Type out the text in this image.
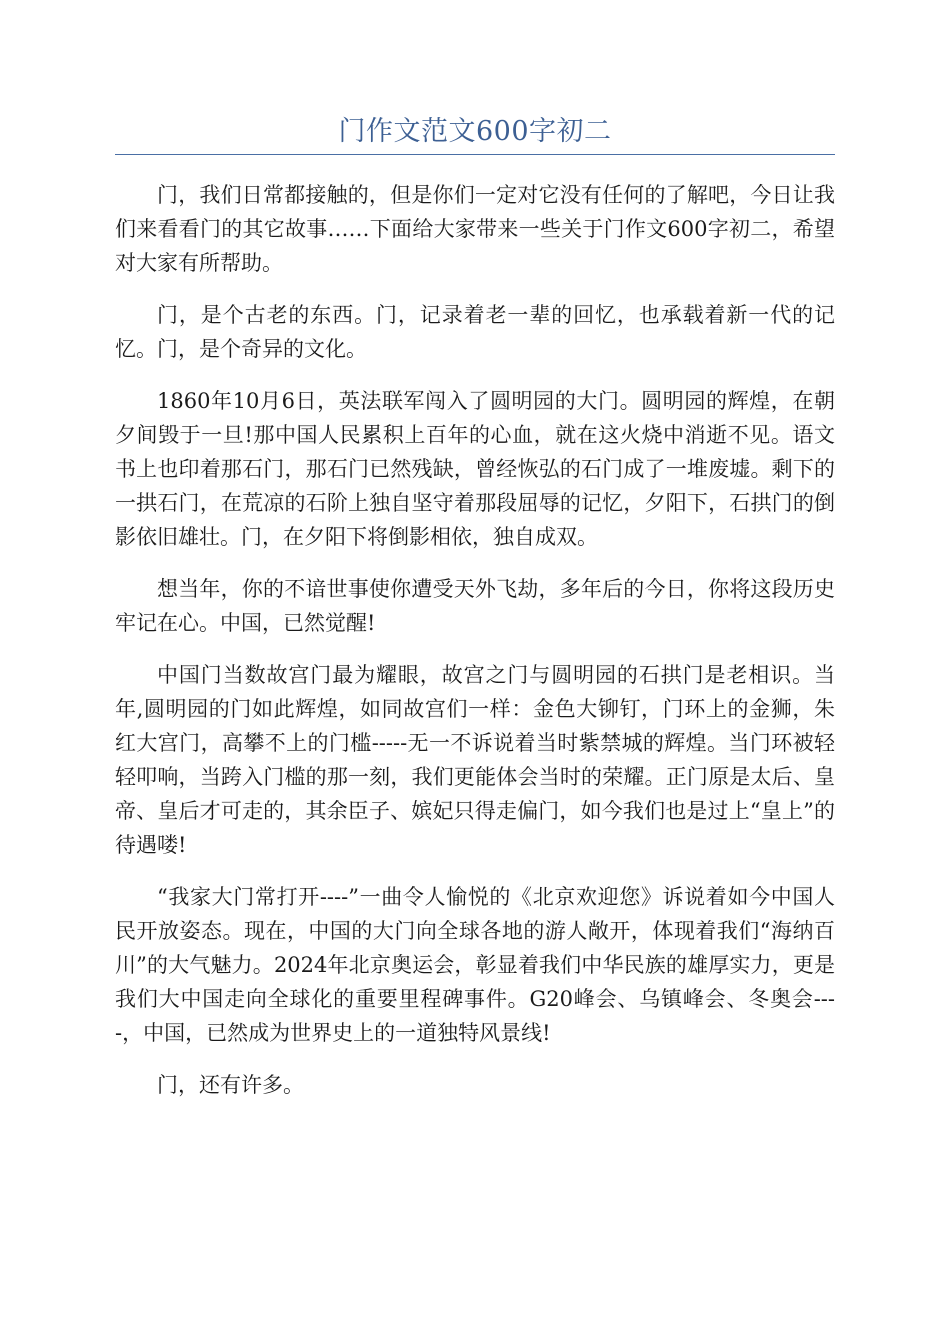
门作文范文600字初二

门，我们日常都接触的，但是你们一定对它没有任何的了解吧，今日让我们来看看门的其它故事……下面给大家带来一些关于门作文600字初二，希望对大家有所帮助。

门，是个古老的东西。门，记录着老一辈的回忆，也承载着新一代的记忆。门，是个奇异的文化。

1860年10月6日，英法联军闯入了圆明园的大门。圆明园的辉煌，在朝夕间毁于一旦!那中国人民累积上百年的心血，就在这火烧中消逝不见。语文书上也印着那石门，那石门已然残缺，曾经恢弘的石门成了一堆废墟。剩下的一拱石门，在荒凉的石阶上独自坚守着那段屈辱的记忆，夕阳下，石拱门的倒影依旧雄壮。门，在夕阳下将倒影相依，独自成双。

想当年，你的不谙世事使你遭受天外飞劫，多年后的今日，你将这段历史牢记在心。中国，已然觉醒!

中国门当数故宫门最为耀眼，故宫之门与圆明园的石拱门是老相识。当年,圆明园的门如此辉煌，如同故宫们一样：金色大铆钉，门环上的金狮，朱红大宫门，高攀不上的门槛-----无一不诉说着当时紫禁城的辉煌。当门环被轻轻叩响，当跨入门槛的那一刻，我们更能体会当时的荣耀。正门原是太后、皇帝、皇后才可走的，其余臣子、嫔妃只得走偏门，如今我们也是过上“皇上”的待遇喽!

“我家大门常打开----”一曲令人愉悦的《北京欢迎您》诉说着如今中国人民开放姿态。现在，中国的大门向全球各地的游人敞开，体现着我们“海纳百川”的大气魅力。2024年北京奥运会，彰显着我们中华民族的雄厚实力，更是我们大中国走向全球化的重要里程碑事件。G20峰会、乌镇峰会、冬奥会----，中国，已然成为世界史上的一道独特风景线!

门，还有许多。
